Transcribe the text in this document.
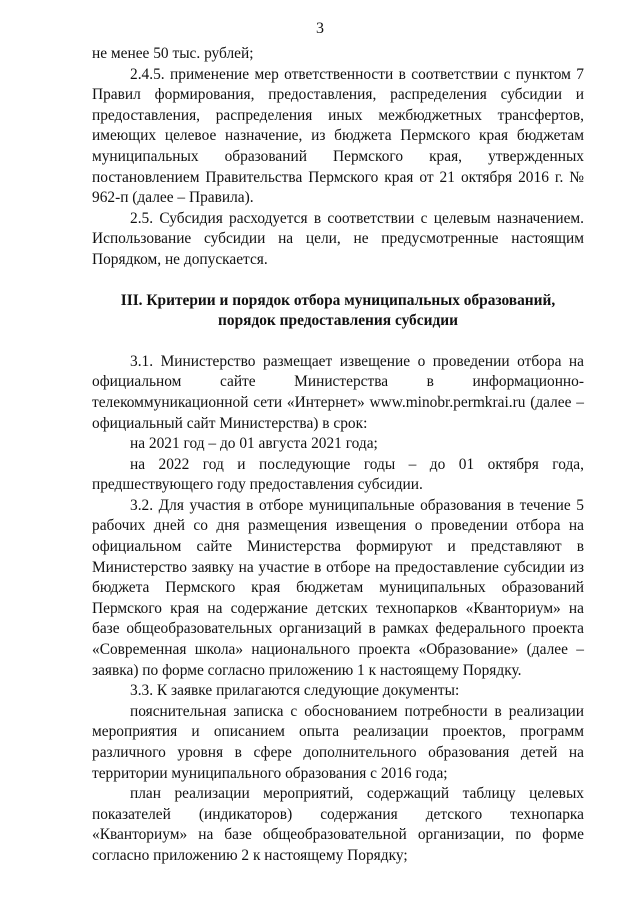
3

не менее 50 тыс. рублей;

2.4.5. применение мер ответственности в соответствии с пунктом 7 Правил формирования, предоставления, распределения субсидии и предоставления, распределения иных межбюджетных трансфертов, имеющих целевое назначение, из бюджета Пермского края бюджетам муниципальных образований Пермского края, утвержденных постановлением Правительства Пермского края от 21 октября 2016 г. № 962-п (далее – Правила).

2.5. Субсидия расходуется в соответствии с целевым назначением. Использование субсидии на цели, не предусмотренные настоящим Порядком, не допускается.

III. Критерии и порядок отбора муниципальных образований,
порядок предоставления субсидии

3.1. Министерство размещает извещение о проведении отбора на официальном сайте Министерства в информационно-телекоммуникационной сети «Интернет» www.minobr.permkrai.ru (далее – официальный сайт Министерства) в срок:

на 2021 год – до 01 августа 2021 года;

на 2022 год и последующие годы – до 01 октября года, предшествующего году предоставления субсидии.

3.2. Для участия в отборе муниципальные образования в течение 5 рабочих дней со дня размещения извещения о проведении отбора на официальном сайте Министерства формируют и представляют в Министерство заявку на участие в отборе на предоставление субсидии из бюджета Пермского края бюджетам муниципальных образований Пермского края на содержание детских технопарков «Кванториум» на базе общеобразовательных организаций в рамках федерального проекта «Современная школа» национального проекта «Образование» (далее – заявка) по форме согласно приложению 1 к настоящему Порядку.

3.3. К заявке прилагаются следующие документы:

пояснительная записка с обоснованием потребности в реализации мероприятия и описанием опыта реализации проектов, программ различного уровня в сфере дополнительного образования детей на территории муниципального образования с 2016 года;

план реализации мероприятий, содержащий таблицу целевых показателей (индикаторов) содержания детского технопарка «Кванториум» на базе общеобразовательной организации, по форме согласно приложению 2 к настоящему Порядку;
